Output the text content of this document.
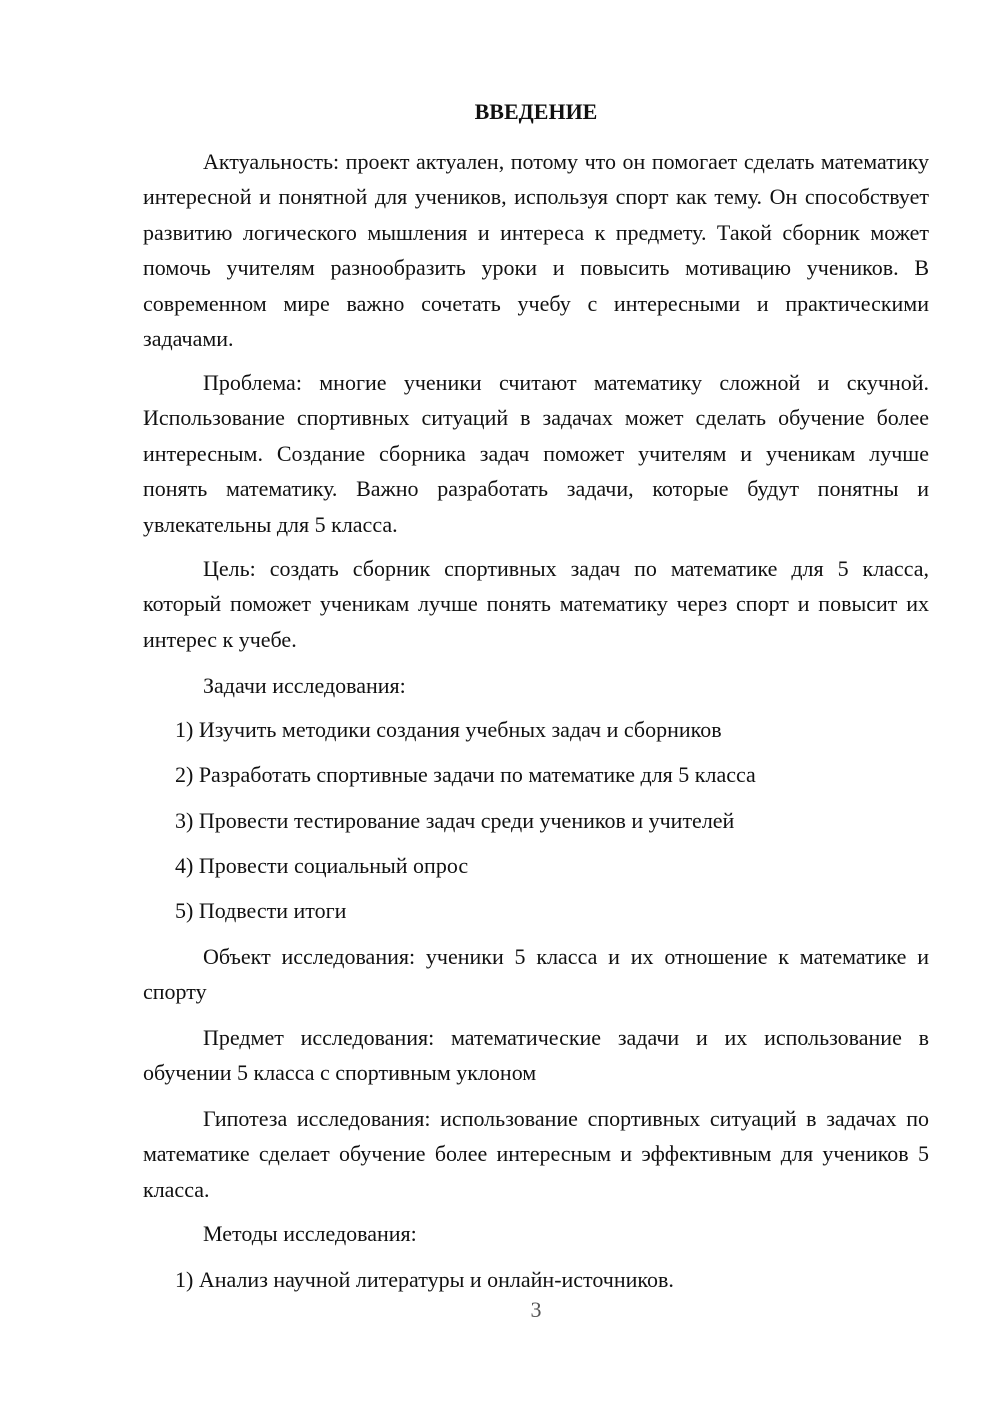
ВВЕДЕНИЕ

Актуальность: проект актуален, потому что он помогает сделать математику интересной и понятной для учеников, используя спорт как тему. Он способствует развитию логического мышления и интереса к предмету. Такой сборник может помочь учителям разнообразить уроки и повысить мотивацию учеников. В современном мире важно сочетать учебу с интересными и практическими задачами.

Проблема: многие ученики считают математику сложной и скучной. Использование спортивных ситуаций в задачах может сделать обучение более интересным. Создание сборника задач поможет учителям и ученикам лучше понять математику. Важно разработать задачи, которые будут понятны и увлекательны для 5 класса.

Цель: создать сборник спортивных задач по математике для 5 класса, который поможет ученикам лучше понять математику через спорт и повысит их интерес к учебе.

Задачи исследования:

1) Изучить методики создания учебных задач и сборников

2) Разработать спортивные задачи по математике для 5 класса

3) Провести тестирование задач среди учеников и учителей

4) Провести социальный опрос

5) Подвести итоги

Объект исследования: ученики 5 класса и их отношение к математике и спорту

Предмет исследования: математические задачи и их использование в обучении 5 класса с спортивным уклоном

Гипотеза исследования: использование спортивных ситуаций в задачах по математике сделает обучение более интересным и эффективным для учеников 5 класса.

Методы исследования:

1) Анализ научной литературы и онлайн-источников.

3
